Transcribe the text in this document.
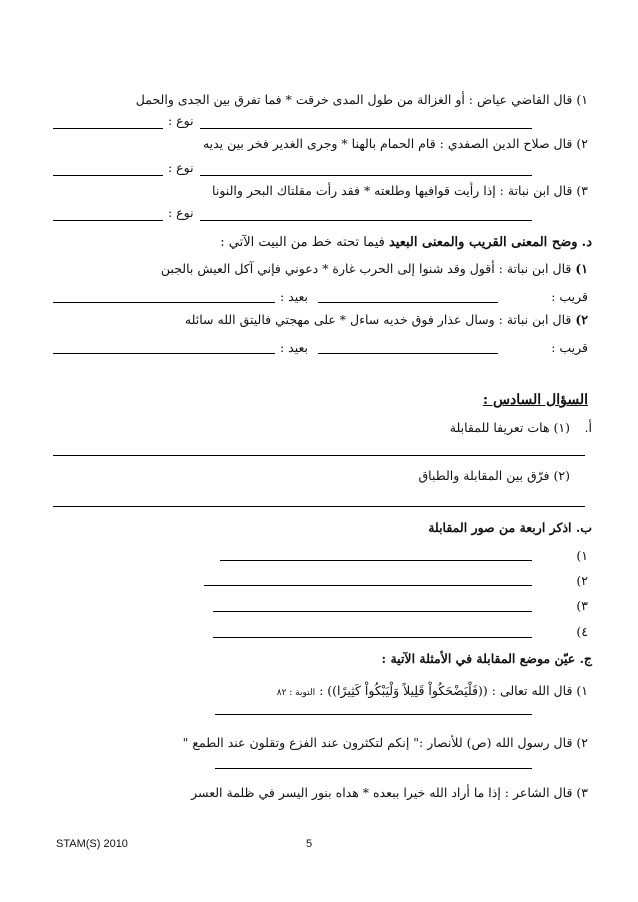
١) قال القاضي عياض : أو الغزالة من طول المدى خرقت * فما تفرق بين الجدى والحمل
نوع :
٢) قال صلاح الدين الصفدي : قام الحمام بالهنا * وجرى الغدير فخر بين يديه
نوع :
٣) قال ابن نباتة : إذا رأيت قوافيها وطلعته * فقد رأت مقلتاك البحر والنونا
نوع :
د. وضح المعنى القريب والمعنى البعيد فيما تحته خط من البيت الآتي :
١) قال ابن نباتة : أقول وقد شنوا إلى الحرب غارة * دعوني فإني آكل العيش بالجبن
قريب :
بعيد :
٢) قال ابن نباتة : وسال عذار فوق خديه ساءل * على مهجتي فاليتق الله سائله
قريب :
بعيد :
السؤال السادس :
أ.
(١) هات تعريفا للمقابلة
(٢) فرّق بين المقابلة والطباق
ب. اذكر اربعة من صور المقابلة
١)
٢)
٣)
٤)
ج. عيّن موضع المقابلة في الأمثلة الآتية :
١) قال الله تعالى : ((فَلْيَضْحَكُواْ قَلِيلاً وَلْيَبْكُواْ كَثِيرًا)) : التوبة : ٨٢
٢) قال رسول الله (ص) للأنصار :" إنكم لتكثرون عند الفزع وتقلون عند الطمع "
٣) قال الشاعر : إذا ما أراد الله خيرا ببعده * هداه بنور اليسر في ظلمة العسر
STAM(S) 2010	5
